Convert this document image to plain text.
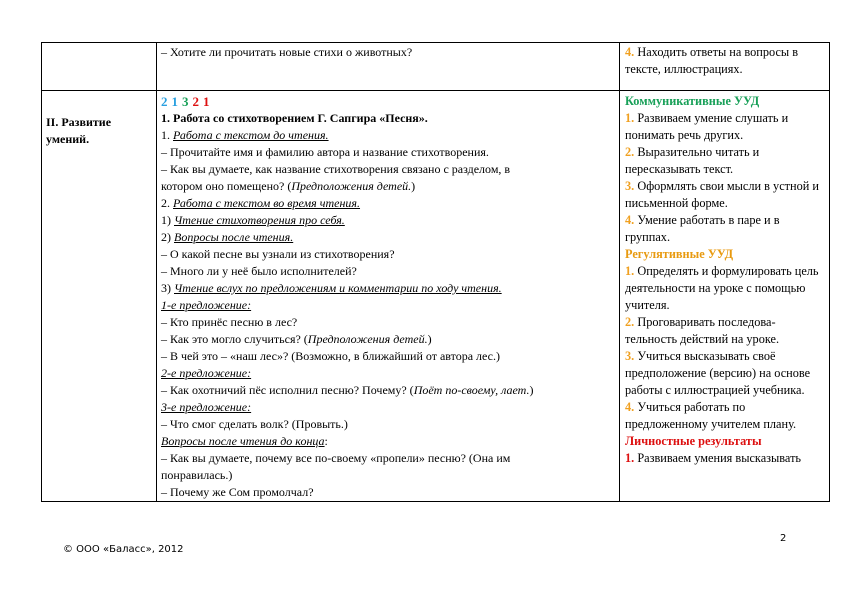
– Хотите ли прочитать новые стихи о животных?	4. Находить ответы на вопросы в тексте, иллюстрациях.
II. Развитие умений.
21321
1. Работа со стихотворением Г. Сапгира «Песня».
1. Работа с текстом до чтения.
– Прочитайте имя и фамилию автора и название стихотворения.
– Как вы думаете, как название стихотворения связано с разделом, в
котором оно помещено? (Предположения детей.)
2. Работа с текстом во время чтения.
1) Чтение стихотворения про себя.
2) Вопросы после чтения.
– О какой песне вы узнали из стихотворения?
– Много ли у неё было исполнителей?
3) Чтение вслух по предложениям и комментарии по ходу чтения.
1-е предложение:
– Кто принёс песню в лес?
– Как это могло случиться? (Предположения детей.)
– В чей это – «наш лес»? (Возможно, в ближайший от автора лес.)
2-е предложение:
– Как охотничий пёс исполнил песню? Почему? (Поёт по-своему, лает.)
3-е предложение:
– Что смог сделать волк? (Провыть.)
Вопросы после чтения до конца:
– Как вы думаете, почему все по-своему «пропели» песню? (Она им
понравилась.)
– Почему же Сом промолчал?
Коммуникативные УУД
1. Развиваем умение слушать и понимать речь других.
2. Выразительно читать и пересказывать текст.
3. Оформлять свои мысли в устной и письменной форме.
4. Умение работать в паре и в группах.
Регулятивные УУД
1. Определять и формулировать цель деятельности на уроке с помощью учителя.
2. Проговаривать последова-тельность действий на уроке.
3. Учиться высказывать своё предположение (версию) на основе работы с иллюстрацией учебника.
4. Учиться работать по предложенному учителем плану.
Личностные результаты
1. Развиваем умения высказывать
2
© ООО «Баласс», 2012
